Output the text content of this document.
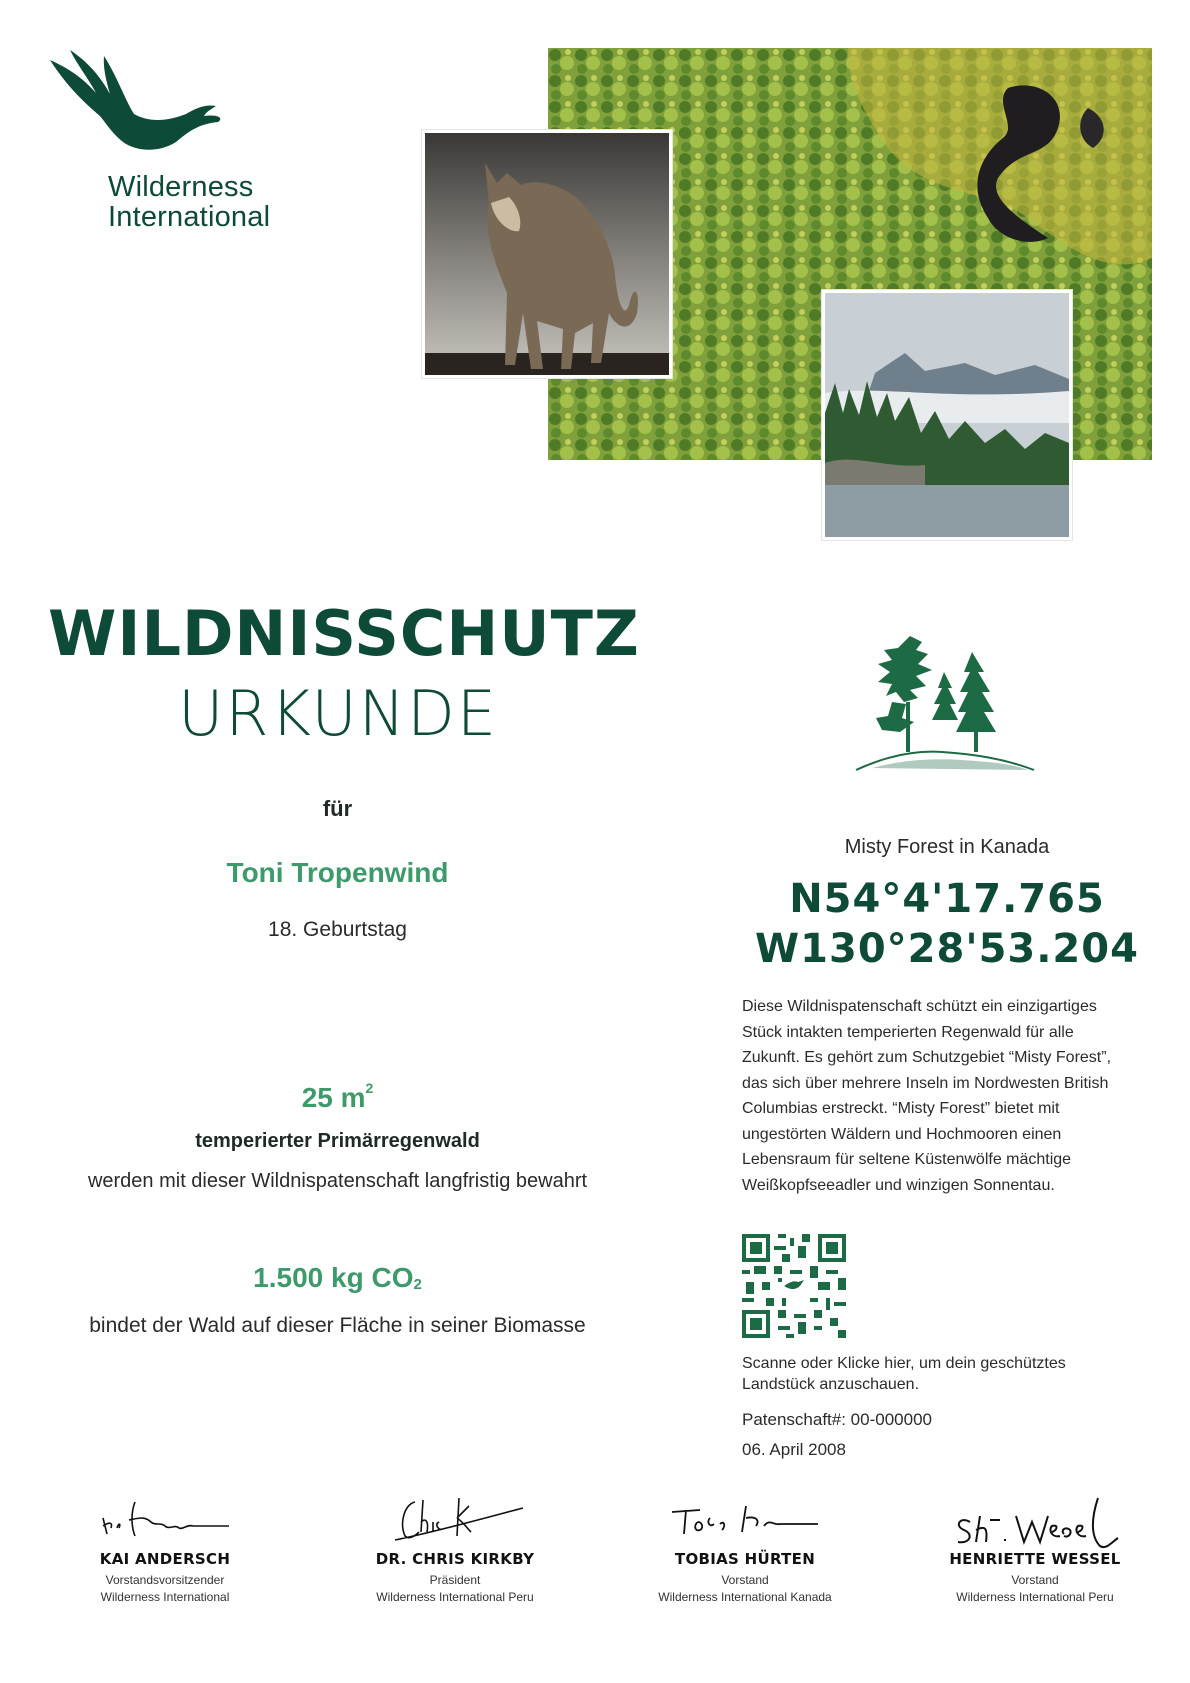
Wilderness
International
WILDNISSCHUTZ
URKUNDE
für
Toni Tropenwind
18. Geburtstag
25 $m^2$
temperierter Primärregenwald
werden mit dieser Wildnispatenschaft langfristig bewahrt
1.500 kg $CO_2$
bindet der Wald auf dieser Fläche in seiner Biomasse
Misty Forest in Kanada
N54°4'17.765
W130°28'53.204
Diese Wildnispatenschaft schützt ein einzigartiges Stück intakten temperierten Regenwald für alle Zukunft. Es gehört zum Schutzgebiet “Misty Forest”, das sich über mehrere Inseln im Nordwesten British Columbias erstreckt. “Misty Forest” bietet mit ungestörten Wäldern und Hochmooren einen Lebensraum für seltene Küstenwölfe mächtige Weißkopfseeadler und winzigen Sonnentau.
Scanne oder Klicke hier, um dein geschütztes Landstück anzuschauen.
Patenschaft#: 00-000000
06. April 2008
KAI ANDERSCH
Vorstandsvorsitzender
Wilderness International
DR. CHRIS KIRKBY
Präsident
Wilderness International Peru
TOBIAS HÜRTEN
Vorstand
Wilderness International Kanada
HENRIETTE WESSEL
Vorstand
Wilderness International Peru
